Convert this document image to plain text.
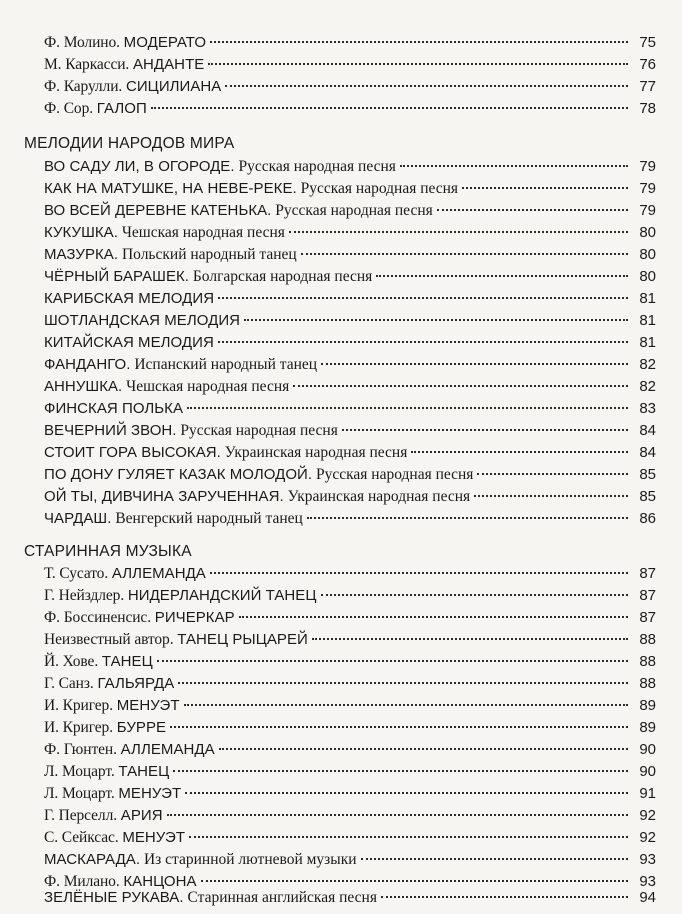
Ф. Молино. МОДЕРАТО	75
М. Каркасси. АНДАНТЕ	76
Ф. Карулли. СИЦИЛИАНА	77
Ф. Сор. ГАЛОП	78
МЕЛОДИИ НАРОДОВ МИРА
ВО САДУ ЛИ, В ОГОРОДЕ. Русская народная песня	79
КАК НА МАТУШКЕ, НА НЕВЕ-РЕКЕ. Русская народная песня	79
ВО ВСЕЙ ДЕРЕВНЕ КАТЕНЬКА. Русская народная песня	79
КУКУШКА. Чешская народная песня	80
МАЗУРКА. Польский народный танец	80
ЧЁРНЫЙ БАРАШЕК. Болгарская народная песня	80
КАРИБСКАЯ МЕЛОДИЯ	81
ШОТЛАНДСКАЯ МЕЛОДИЯ	81
КИТАЙСКАЯ МЕЛОДИЯ	81
ФАНДАНГО. Испанский народный танец	82
АННУШКА. Чешская народная песня	82
ФИНСКАЯ ПОЛЬКА	83
ВЕЧЕРНИЙ ЗВОН. Русская народная песня	84
СТОИТ ГОРА ВЫСОКАЯ. Украинская народная песня	84
ПО ДОНУ ГУЛЯЕТ КАЗАК МОЛОДОЙ. Русская народная песня	85
ОЙ ТЫ, ДИВЧИНА ЗАРУЧЕННАЯ. Украинская народная песня	85
ЧАРДАШ. Венгерский народный танец	86
СТАРИННАЯ МУЗЫКА
Т. Сусато. АЛЛЕМАНДА	87
Г. Нейздлер. НИДЕРЛАНДСКИЙ ТАНЕЦ	87
Ф. Боссиненсис. РИЧЕРКАР	87
Неизвестный автор. ТАНЕЦ РЫЦАРЕЙ	88
Й. Хове. ТАНЕЦ	88
Г. Санз. ГАЛЬЯРДА	88
И. Кригер. МЕНУЭТ	89
И. Кригер. БУРРЕ	89
Ф. Гюнтен. АЛЛЕМАНДА	90
Л. Моцарт. ТАНЕЦ	90
Л. Моцарт. МЕНУЭТ	91
Г. Перселл. АРИЯ	92
С. Сейксас. МЕНУЭТ	92
МАСКАРАДА. Из старинной лютневой музыки	93
Ф. Милано. КАНЦОНА	93
ЗЕЛЁНЫЕ РУКАВА. Старинная английская песня	94
